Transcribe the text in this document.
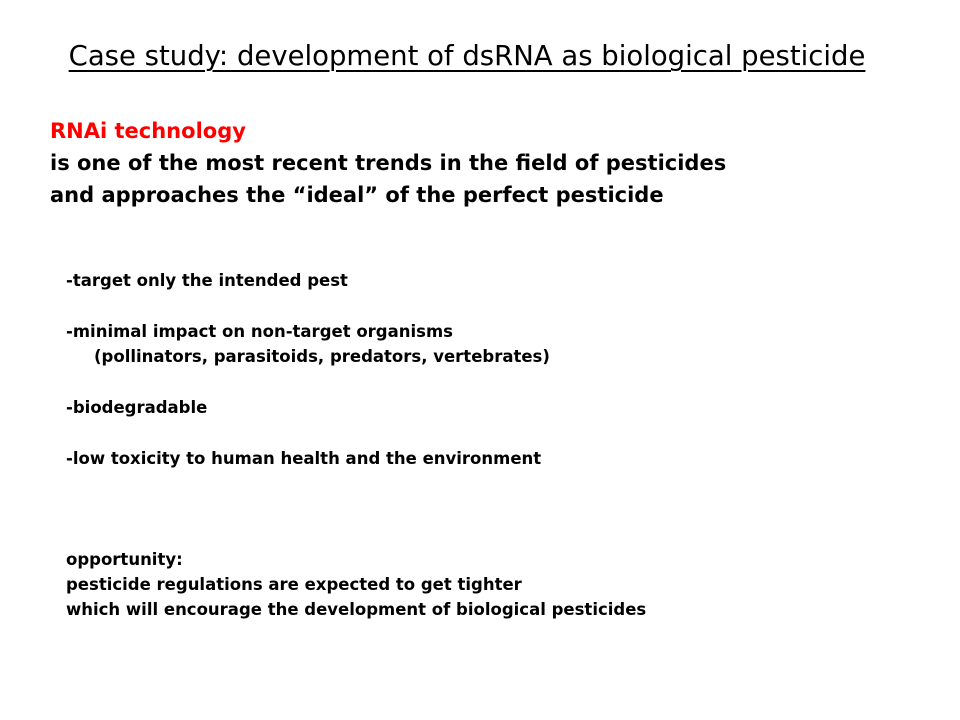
Case study: development of dsRNA as biological pesticide
RNAi technology
is one of the most recent trends in the field of pesticides
and approaches the “ideal” of the perfect pesticide
-target only the intended pest
-minimal impact on non-target organisms
(pollinators, parasitoids, predators, vertebrates)
-biodegradable
-low toxicity to human health and the environment
opportunity:
pesticide regulations are expected to get tighter
which will encourage the development of biological pesticides
